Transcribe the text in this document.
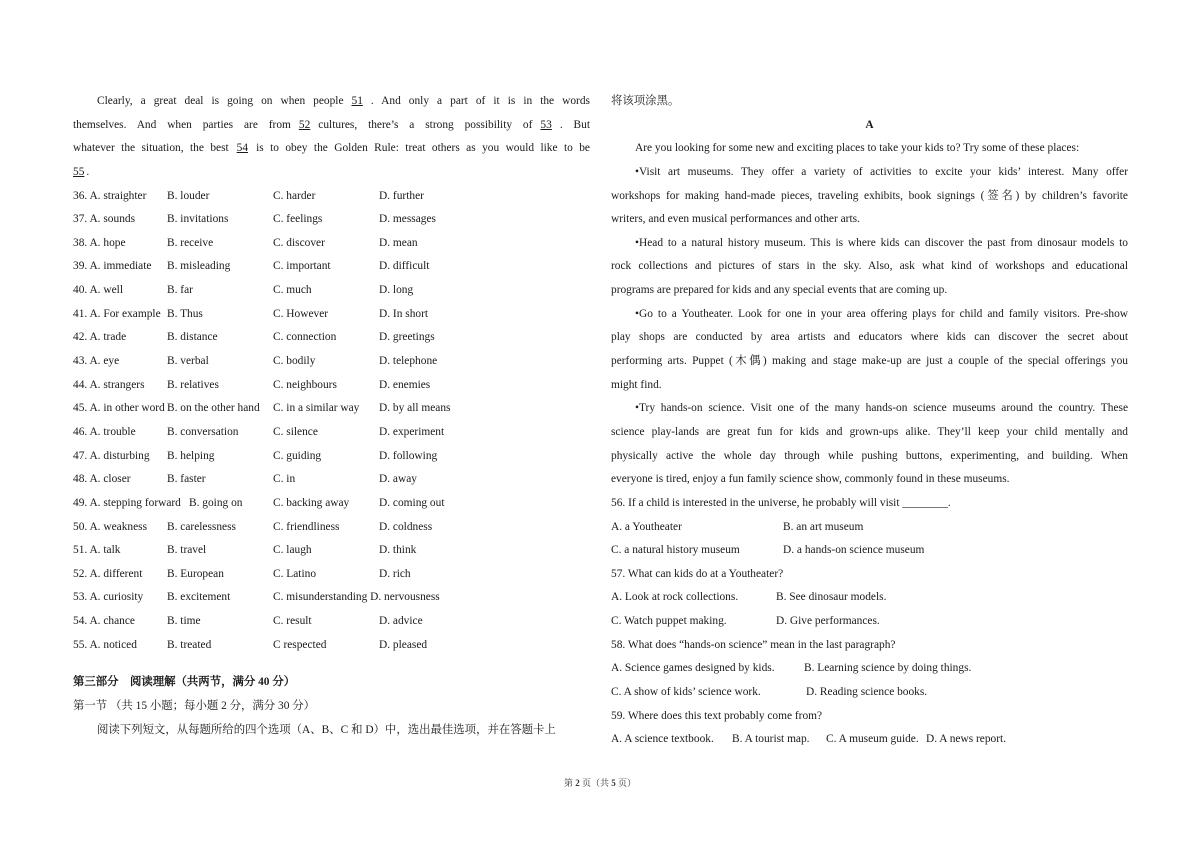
Clearly, a great deal is going on when people 51 . And only a part of it is in the words
themselves. And when parties are from 52 cultures, there’s a strong possibility of 53 . But
whatever the situation, the best 54 is to obey the Golden Rule: treat others as you would like to be
55 .
36. A. straighter	B. louder	C. harder	D. further
37. A. sounds	B. invitations	C. feelings	D. messages
38. A. hope	B. receive	C. discover	D. mean
39. A. immediate	B. misleading	C. important	D. difficult
40. A. well	B. far	C. much	D. long
41. A. For example B. Thus	C. However	D. In short
42. A. trade	B. distance	C. connection	D. greetings
43. A. eye	B. verbal	C. bodily	D. telephone
44. A. strangers	B. relatives	C. neighbours	D. enemies
45. A. in other word B. on the other hand	C. in a similar way	D. by all means
46. A. trouble	B. conversation	C. silence	D. experiment
47. A. disturbing	B. helping	C. guiding	D. following
48. A. closer	B. faster	C. in	D. away
49. A. stepping forward B. going on	C. backing away	D. coming out
50. A. weakness	B. carelessness	C. friendliness	D. coldness
51. A. talk	B. travel	C. laugh	D. think
52. A. different	B. European	C. Latino	D. rich
53. A. curiosity	B. excitement	C. misunderstanding D. nervousness
54. A. chance	B. time	C. result	D. advice
55. A. noticed	B. treated	C respected	D. pleased
第三部分　阅读理解（共两节，满分 40 分）
第一节 （共 15 小题；每小题 2 分，满分 30 分）
阅读下列短文，从每题所给的四个选项（A、B、C 和 D）中，选出最佳选项，并在答题卡上
将该项涂黑。
A
Are you looking for some new and exciting places to take your kids to? Try some of these places:
•Visit art museums. They offer a variety of activities to excite your kids’ interest. Many offer
workshops for making hand-made pieces, traveling exhibits, book signings (签名) by children’s favorite
writers, and even musical performances and other arts.
•Head to a natural history museum. This is where kids can discover the past from dinosaur models to
rock collections and pictures of stars in the sky. Also, ask what kind of workshops and educational
programs are prepared for kids and any special events that are coming up.
•Go to a Youtheater. Look for one in your area offering plays for child and family visitors. Pre-show
play shops are conducted by area artists and educators where kids can discover the secret about
performing arts. Puppet (木偶) making and stage make-up are just a couple of the special offerings you
might find.
•Try hands-on science. Visit one of the many hands-on science museums around the country. These
science play-lands are great fun for kids and grown-ups alike. They’ll keep your child mentally and
physically active the whole day through while pushing buttons, experimenting, and building. When
everyone is tired, enjoy a fun family science show, commonly found in these museums.
56. If a child is interested in the universe, he probably will visit ________.
A. a Youtheater	B. an art museum
C. a natural history museum	D. a hands-on science museum
57. What can kids do at a Youtheater?
A. Look at rock collections.	B. See dinosaur models.
C. Watch puppet making.	D. Give performances.
58. What does “hands-on science” mean in the last paragraph?
A. Science games designed by kids.	B. Learning science by doing things.
C. A show of kids’ science work.	D. Reading science books.
59. Where does this text probably come from?
A. A science textbook.	B. A tourist map.	C. A museum guide. D. A news report.
第 2 页（共 5 页）
